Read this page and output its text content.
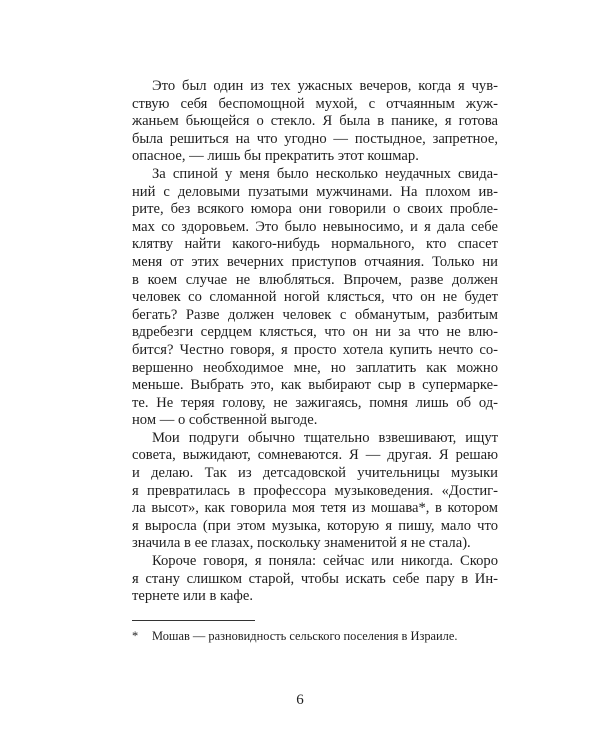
Это был один из тех ужасных вечеров, когда я чув-
ствую себя беспомощной мухой, с отчаянным жуж-
жаньем бьющейся о стекло. Я была в панике, я готова
была решиться на что угодно — постыдное, запретное,
опасное, — лишь бы прекратить этот кошмар.
За спиной у меня было несколько неудачных свида-
ний с деловыми пузатыми мужчинами. На плохом ив-
рите, без всякого юмора они говорили о своих пробле-
мах со здоровьем. Это было невыносимо, и я дала себе
клятву найти какого-нибудь нормального, кто спасет
меня от этих вечерних приступов отчаяния. Только ни
в коем случае не влюбляться. Впрочем, разве должен
человек со сломанной ногой клясться, что он не будет
бегать? Разве должен человек с обманутым, разбитым
вдребезги сердцем клясться, что он ни за что не влю-
бится? Честно говоря, я просто хотела купить нечто со-
вершенно необходимое мне, но заплатить как можно
меньше. Выбрать это, как выбирают сыр в супермарке-
те. Не теряя голову, не зажигаясь, помня лишь об од-
ном — о собственной выгоде.
Мои подруги обычно тщательно взвешивают, ищут
совета, выжидают, сомневаются. Я — другая. Я решаю
и делаю. Так из детсадовской учительницы музыки
я превратилась в профессора музыковедения. «Достиг-
ла высот», как говорила моя тетя из мошава*, в котором
я выросла (при этом музыка, которую я пишу, мало что
значила в ее глазах, поскольку знаменитой я не стала).
Короче говоря, я поняла: сейчас или никогда. Скоро
я стану слишком старой, чтобы искать себе пару в Ин-
тернете или в кафе.
* Мошав — разновидность сельского поселения в Израиле.
6
